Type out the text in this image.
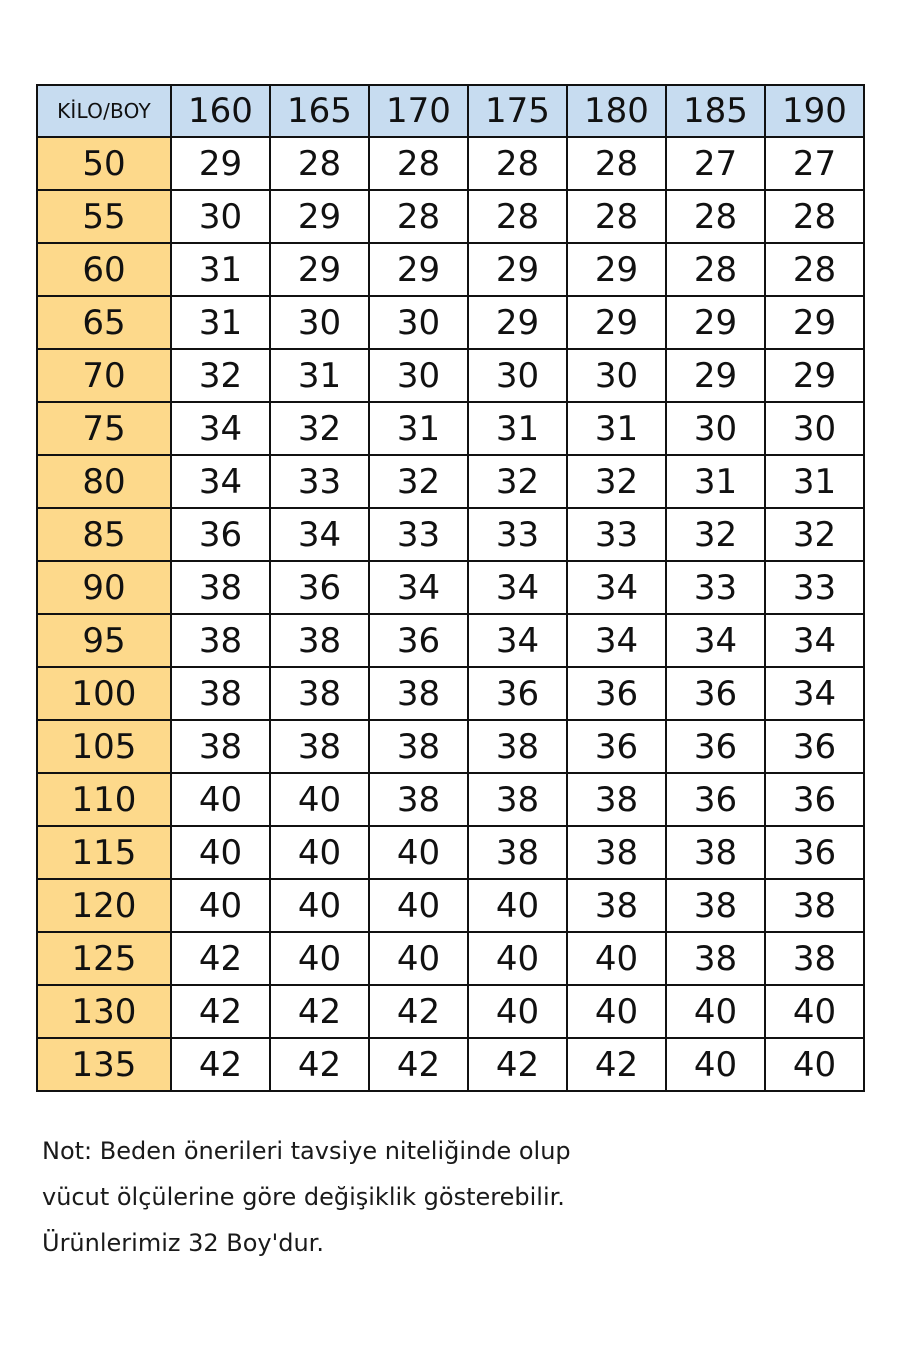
KİLO/BOY	160	165	170	175	180	185	190
50	29	28	28	28	28	27	27
55	30	29	28	28	28	28	28
60	31	29	29	29	29	28	28
65	31	30	30	29	29	29	29
70	32	31	30	30	30	29	29
75	34	32	31	31	31	30	30
80	34	33	32	32	32	31	31
85	36	34	33	33	33	32	32
90	38	36	34	34	34	33	33
95	38	38	36	34	34	34	34
100	38	38	38	36	36	36	34
105	38	38	38	38	36	36	36
110	40	40	38	38	38	36	36
115	40	40	40	38	38	38	36
120	40	40	40	40	38	38	38
125	42	40	40	40	40	38	38
130	42	42	42	40	40	40	40
135	42	42	42	42	42	40	40
Not: Beden önerileri tavsiye niteliğinde olup
vücut ölçülerine göre değişiklik gösterebilir.
Ürünlerimiz 32 Boy'dur.
